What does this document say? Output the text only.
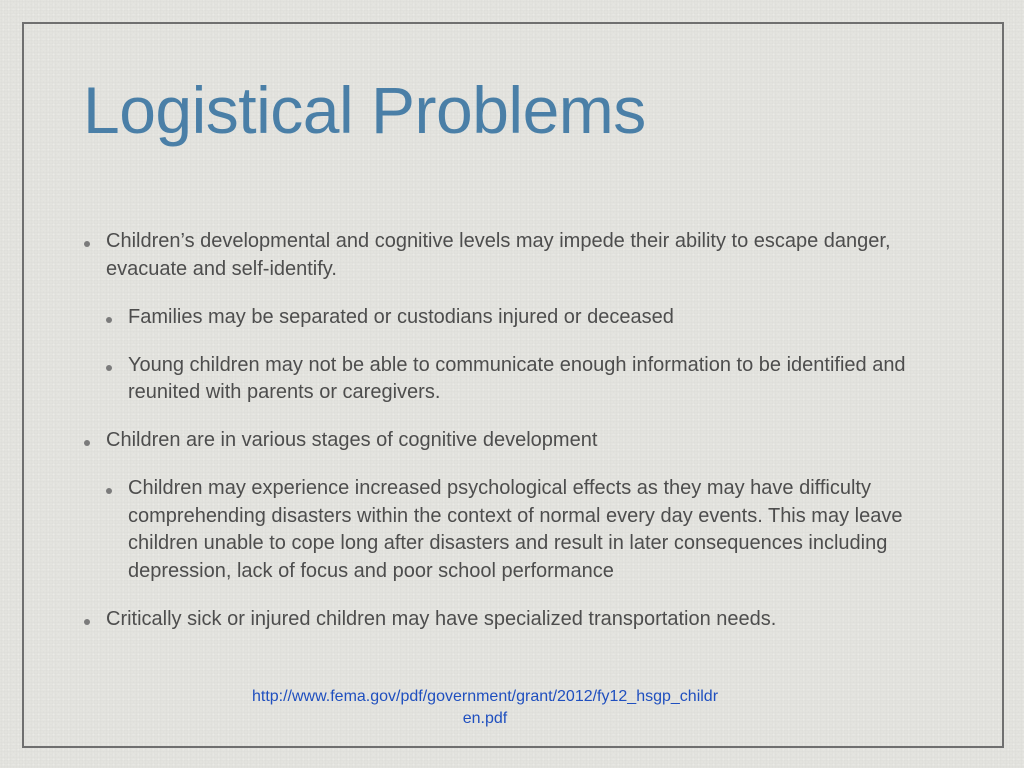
Logistical Problems

Children’s developmental and cognitive levels may impede their ability to escape danger, evacuate and self-identify.

Families may be separated or custodians injured or deceased

Young children may not be able to communicate enough information to be identified and reunited with parents or caregivers.

Children are in various stages of cognitive development

Children may experience increased psychological effects as they may have difficulty comprehending disasters within the context of normal every day events. This may leave children unable to cope long after disasters and result in later consequences including depression, lack of focus and poor school performance

Critically sick or injured children may have specialized transportation needs.

http://www.fema.gov/pdf/government/grant/2012/fy12_hsgp_childr
en.pdf
